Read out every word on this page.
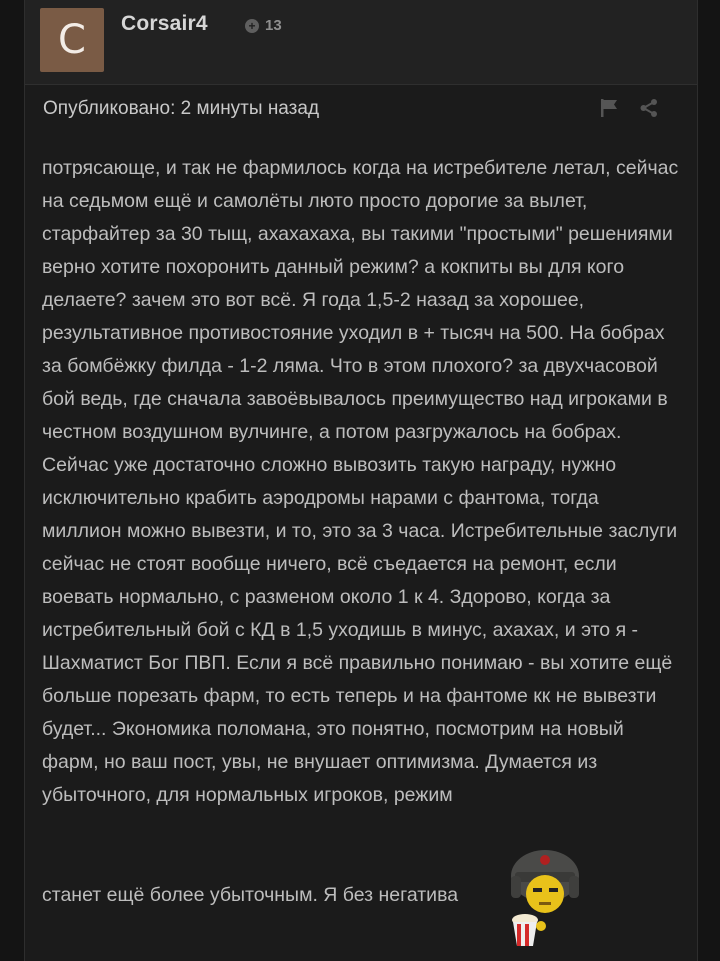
C Corsair4	+ 13
Опубликовано: 2 минуты назад
потрясающе, и так не фармилось когда на истребителе летал, сейчас на седьмом ещё и самолёты люто просто дорогие за вылет, старфайтер за 30 тыщ, ахахахаха, вы такими "простыми" решениями верно хотите похоронить данный режим? а кокпиты вы для кого делаете? зачем это вот всё. Я года 1,5-2 назад за хорошее, результативное противостояние уходил в + тысяч на 500. На бобрах за бомбёжку филда - 1-2 ляма. Что в этом плохого? за двухчасовой бой ведь, где сначала завоёвывалось преимущество над игроками в честном воздушном вулчинге, а потом разгружалось на бобрах. Сейчас уже достаточно сложно вывозить такую награду, нужно исключительно крабить аэродромы нарами с фантома, тогда миллион можно вывезти, и то, это за 3 часа. Истребительные заслуги сейчас не стоят вообще ничего, всё съедается на ремонт, если воевать нормально, с разменом около 1 к 4. Здорово, когда за истребительный бой с КД в 1,5 уходишь в минус, ахахах, и это я - Шахматист Бог ПВП. Если я всё правильно понимаю - вы хотите ещё больше порезать фарм, то есть теперь и на фантоме кк не вывезти будет... Экономика поломана, это понятно, посмотрим на новый фарм, но ваш пост, увы, не внушает оптимизма. Думается из убыточного, для нормальных игроков, режим
станет ещё более убыточным. Я без негатива
